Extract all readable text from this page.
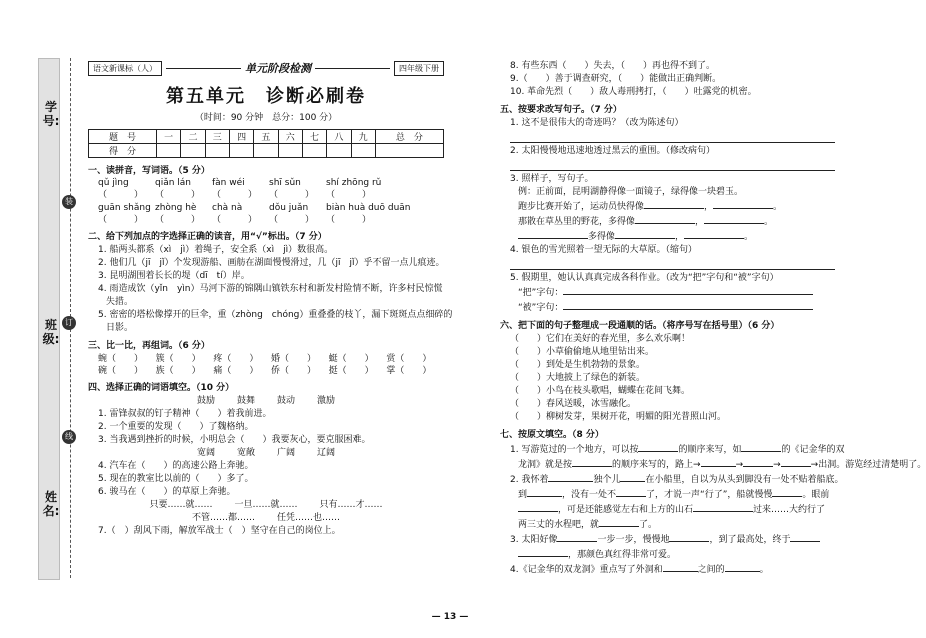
学号:
班级:
姓名:
装
订
线
语文新课标（人）	单元阶段检测	四年级下册
第五单元　诊断必刷卷
（时间：90 分钟　总分：100 分）
题　号	一	二	三	四	五	六	七	八	九	总　分
得　分										
一、读拼音，写词语。（5 分）
qǔ jìng	qiǎn lán	fàn wéi	shī sǔn	shí zhōng rǔ
（　　　）	（　　　）	（　　　）	（　　　）	（　　　）
guān shǎng zhòng hè	chà nà	dǒu juǎn	biàn huà duō duān
（　　　）	（　　　）	（　　　）	（　　　）	（　　　）
二、给下列加点的字选择正确的读音，用“√”标出。（7 分）
1. 船两头都系（xì　jì）着绳子，安全系（xì　jì）数很高。
2. 他们几（jī　jǐ）个发现游船、画舫在湖面慢慢滑过，几（jī　jǐ）乎不留一点儿痕迹。
3. 昆明湖围着长长的堤（dī　tí）岸。
4. 雨造成饮（yǐn　yìn）马河下游的锦隅山镇铁东村和新发村险情不断，许多村民惊慌
失措。
5. 密密的塔松像撑开的巨伞，重（zhòng　chóng）重叠叠的枝丫，漏下斑斑点点细碎的
日影。
三、比一比，再组词。（6 分）
蜿（　　）	簇（　　）	疼（　　）	婚（　　）	蜓（　　）	赏（　　）
碗（　　）	族（　　）	痛（　　）	侨（　　）	挺（　　）	掌（　　）
四、选择正确的词语填空。（10 分）
鼓励 鼓舞 鼓动 激励
1. 雷锋叔叔的钉子精神（　　）着我前进。
2. 一个重要的发现（　　）了魏格纳。
3. 当我遇到挫折的时候，小明总会（　　）我要灰心，要克服困难。
宽阔 宽敞 广阔 辽阔
4. 汽车在（　　）的高速公路上奔驰。
5. 现在的教室比以前的（　　）多了。
6. 骏马在（　　）的草原上奔驰。
只要……就…… 一旦……就…… 只有……才……
不管……都…… 任凭……也……
7.（　）刮风下雨，解放军战士（　）坚守在自己的岗位上。
8. 有些东西（　　）失去，（　　）再也得不到了。
9.（　　）善于调查研究，（　　）能做出正确判断。
10. 革命先烈（　　）敌人毒刑拷打，（　　）吐露党的机密。
五、按要求改写句子。（7 分）
1. 这不是很伟大的奇迹吗？（改为陈述句）
2. 太阳慢慢地迅速地透过黑云的重围。（修改病句）
3. 照样子，写句子。
例：正前面，昆明湖静得像一面镜子，绿得像一块碧玉。
跑步比赛开始了，运动员快得像	，	。
那散在草丛里的野花，多得像	，	。
多得像	，	。
4. 银色的雪光照着一望无际的大草原。（缩句）
5. 假期里，她认认真真完成各科作业。（改为“把”字句和“被”字句）
“把”字句：
“被”字句：
六、把下面的句子整理成一段通顺的话。（将序号写在括号里）（6 分）
（　　）它们在美好的春光里，多么欢乐啊！
（　　）小草偷偷地从地里钻出来。
（　　）到处是生机勃勃的景象。
（　　）大地披上了绿色的新装。
（　　）小鸟在枝头歌唱，蝴蝶在花间飞舞。
（　　）春风送暖，冰雪融化。
（　　）柳树发芽，果树开花，明媚的阳光普照山河。
七、按原文填空。（8 分）
1. 写游览过的一个地方，可以按	的顺序来写，如	的《记金华的双
龙洞》就是按	的顺序来写的，路上→	→	→	→出洞。游览经过清楚明了。
2. 我怀着	独个儿	在小船里，自以为从头到脚没有一处不贴着船底。
到	，没有一处不	了，才说一声“行了”，船就慢慢	。眼前
，可是还能感觉左右和上方的山石	过来……大约行了
两三丈的水程吧，就	了。
3. 太阳好像	一步一步，慢慢地	，到了最高处，终于
，那颜色真红得非常可爱。
4.《记金华的双龙洞》重点写了外洞和	之间的	。
— 13 —
